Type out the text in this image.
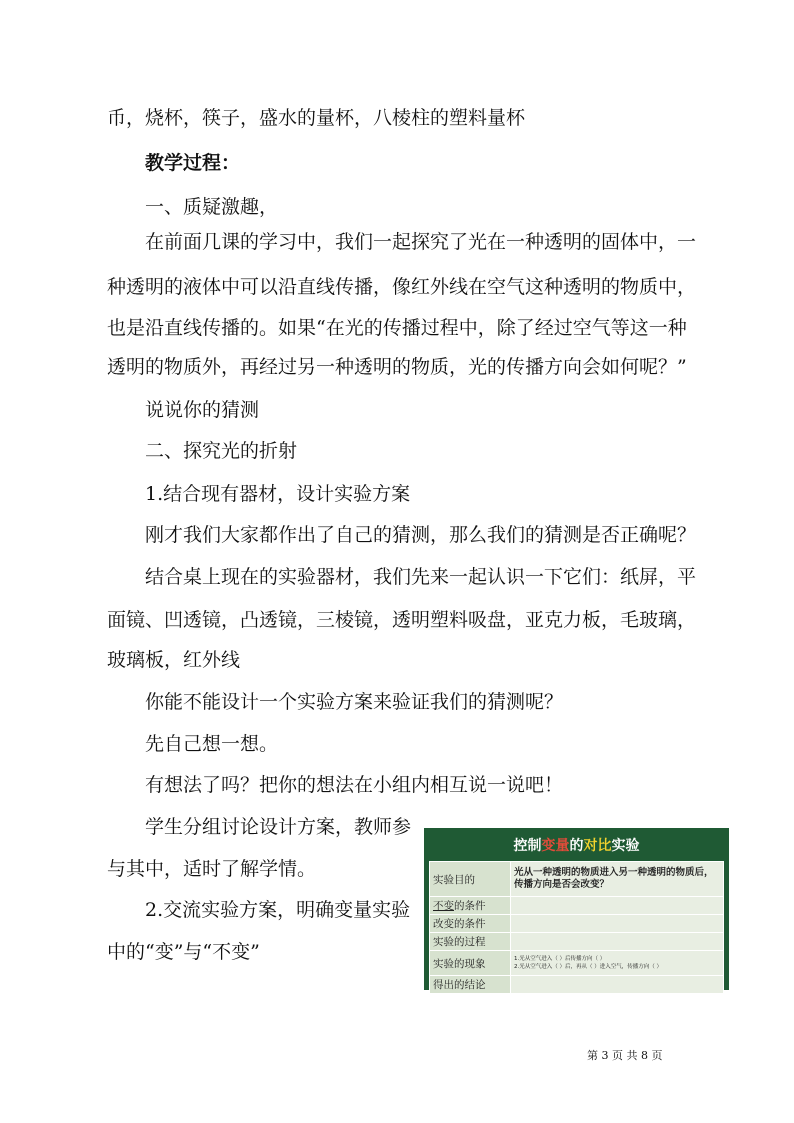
币，烧杯，筷子，盛水的量杯，八棱柱的塑料量杯
教学过程：
一、质疑激趣，
在前面几课的学习中，我们一起探究了光在一种透明的固体中，一
种透明的液体中可以沿直线传播，像红外线在空气这种透明的物质中，
也是沿直线传播的。如果“在光的传播过程中，除了经过空气等这一种
透明的物质外，再经过另一种透明的物质，光的传播方向会如何呢？”
说说你的猜测
二、探究光的折射
1.结合现有器材，设计实验方案
刚才我们大家都作出了自己的猜测，那么我们的猜测是否正确呢？
结合桌上现在的实验器材，我们先来一起认识一下它们：纸屏，平
面镜、凹透镜，凸透镜，三棱镜，透明塑料吸盘，亚克力板，毛玻璃，
玻璃板，红外线
你能不能设计一个实验方案来验证我们的猜测呢？
先自己想一想。
有想法了吗？把你的想法在小组内相互说一说吧！
学生分组讨论设计方案，教师参
与其中，适时了解学情。
2.交流实验方案，明确变量实验
中的“变”与“不变”
控制变量的对比实验
实验目的	光从一种透明的物质进入另一种透明的物质后，传播方向是否会改变？
不变的条件	
改变的条件	
实验的过程	
实验的现象	1.光从空气进入（ ）后传播方向（ ）
2.光从空气进入（ ）后，再从（ ）进入空气，传播方向（ ）

得出的结论	
第 3 页 共 8 页
